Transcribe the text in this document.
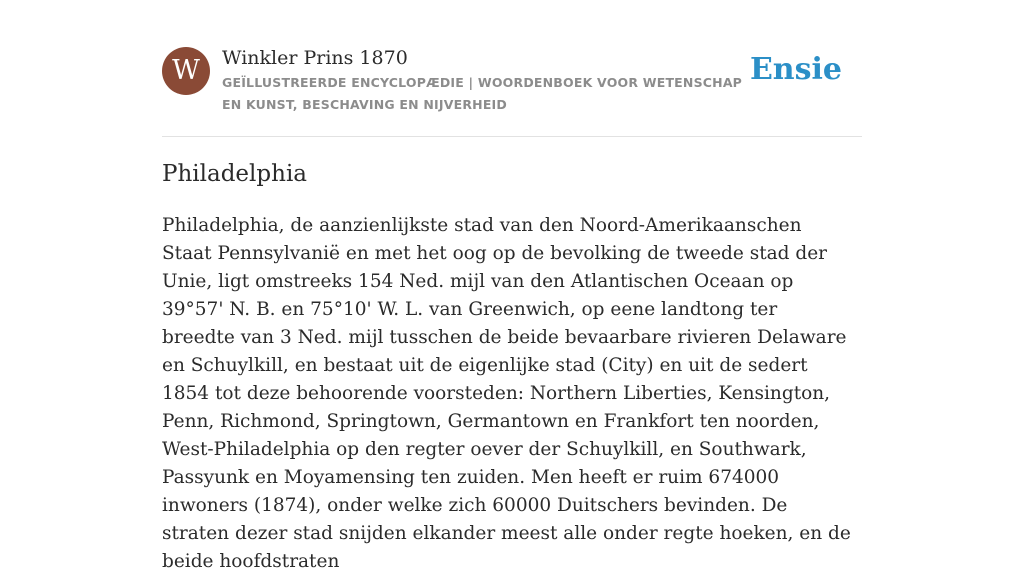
W	Winkler Prins 1870
GEÏLLUSTREERDE ENCYCLOPÆDIE | WOORDENBOEK VOOR WETENSCHAP EN KUNST, BESCHAVING EN NIJVERHEID
Ensie
Philadelphia

Philadelphia, de aanzienlijkste stad van den Noord-Amerikaanschen Staat Pennsylvanië en met het oog op de bevolking de tweede stad der Unie, ligt omstreeks 154 Ned. mijl van den Atlantischen Oceaan op 39°57' N. B. en 75°10' W. L. van Greenwich, op eene landtong ter breedte van 3 Ned. mijl tusschen de beide bevaarbare rivieren Delaware en Schuylkill, en bestaat uit de eigenlijke stad (City) en uit de sedert 1854 tot deze behoorende voorsteden: Northern Liberties, Kensington, Penn, Richmond, Springtown, Germantown en Frankfort ten noorden, West-Philadelphia op den regter oever der Schuylkill, en Southwark, Passyunk en Moyamensing ten zuiden. Men heeft er ruim 674000 inwoners (1874), onder welke zich 60000 Duitschers bevinden. De straten dezer stad snijden elkander meest alle onder regte hoeken, en de beide hoofdstraten
